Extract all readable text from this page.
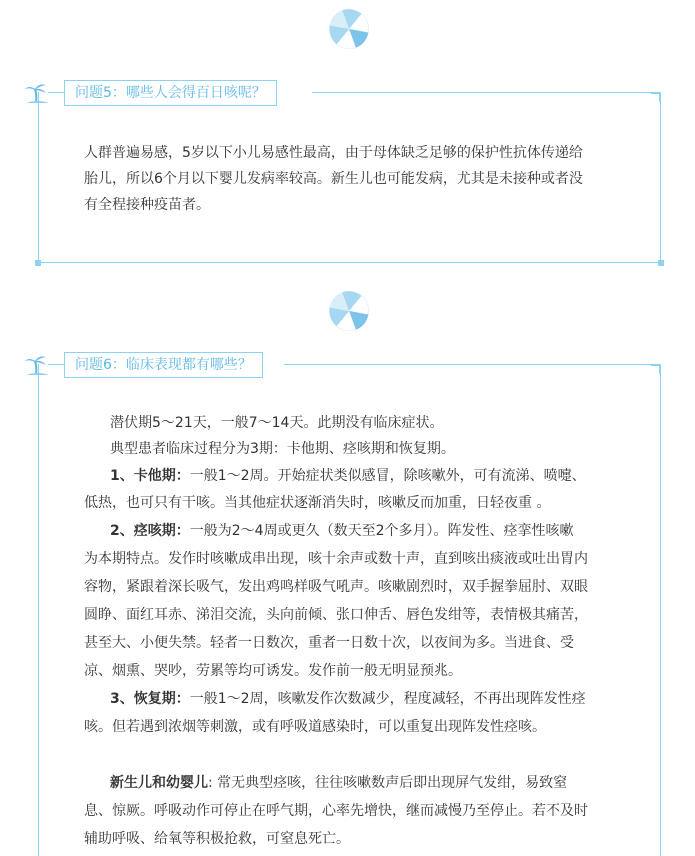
问题5：哪些人会得百日咳呢？
人群普遍易感，5岁以下小儿易感性最高，由于母体缺乏足够的保护性抗体传递给
胎儿，所以6个月以下婴儿发病率较高。新生儿也可能发病，尤其是未接种或者没
有全程接种疫苗者。
问题6：临床表现都有哪些？
潜伏期5～21天，一般7～14天。此期没有临床症状。
典型患者临床过程分为3期：卡他期、痉咳期和恢复期。
1、卡他期：一般1～2周。开始症状类似感冒，除咳嗽外，可有流涕、喷嚏、
低热，也可只有干咳。当其他症状逐渐消失时，咳嗽反而加重，日轻夜重 。
2、痉咳期：一般为2～4周或更久（数天至2个多月）。阵发性、痉挛性咳嗽
为本期特点。发作时咳嗽成串出现，咳十余声或数十声，直到咳出痰液或吐出胃内
容物，紧跟着深长吸气，发出鸡鸣样吸气吼声。咳嗽剧烈时，双手握拳屈肘、双眼
圆睁、面红耳赤、涕泪交流，头向前倾、张口伸舌、唇色发绀等，表情极其痛苦，
甚至大、小便失禁。轻者一日数次，重者一日数十次，以夜间为多。当进食、受
凉、烟熏、哭吵，劳累等均可诱发。发作前一般无明显预兆。
3、恢复期：一般1～2周，咳嗽发作次数减少，程度减轻，不再出现阵发性痉
咳。但若遇到浓烟等刺激，或有呼吸道感染时，可以重复出现阵发性痉咳。
新生儿和幼婴儿: 常无典型痉咳，往往咳嗽数声后即出现屏气发绀，易致窒
息、惊厥。呼吸动作可停止在呼气期，心率先增快，继而减慢乃至停止。若不及时
辅助呼吸、给氧等积极抢救，可窒息死亡。
